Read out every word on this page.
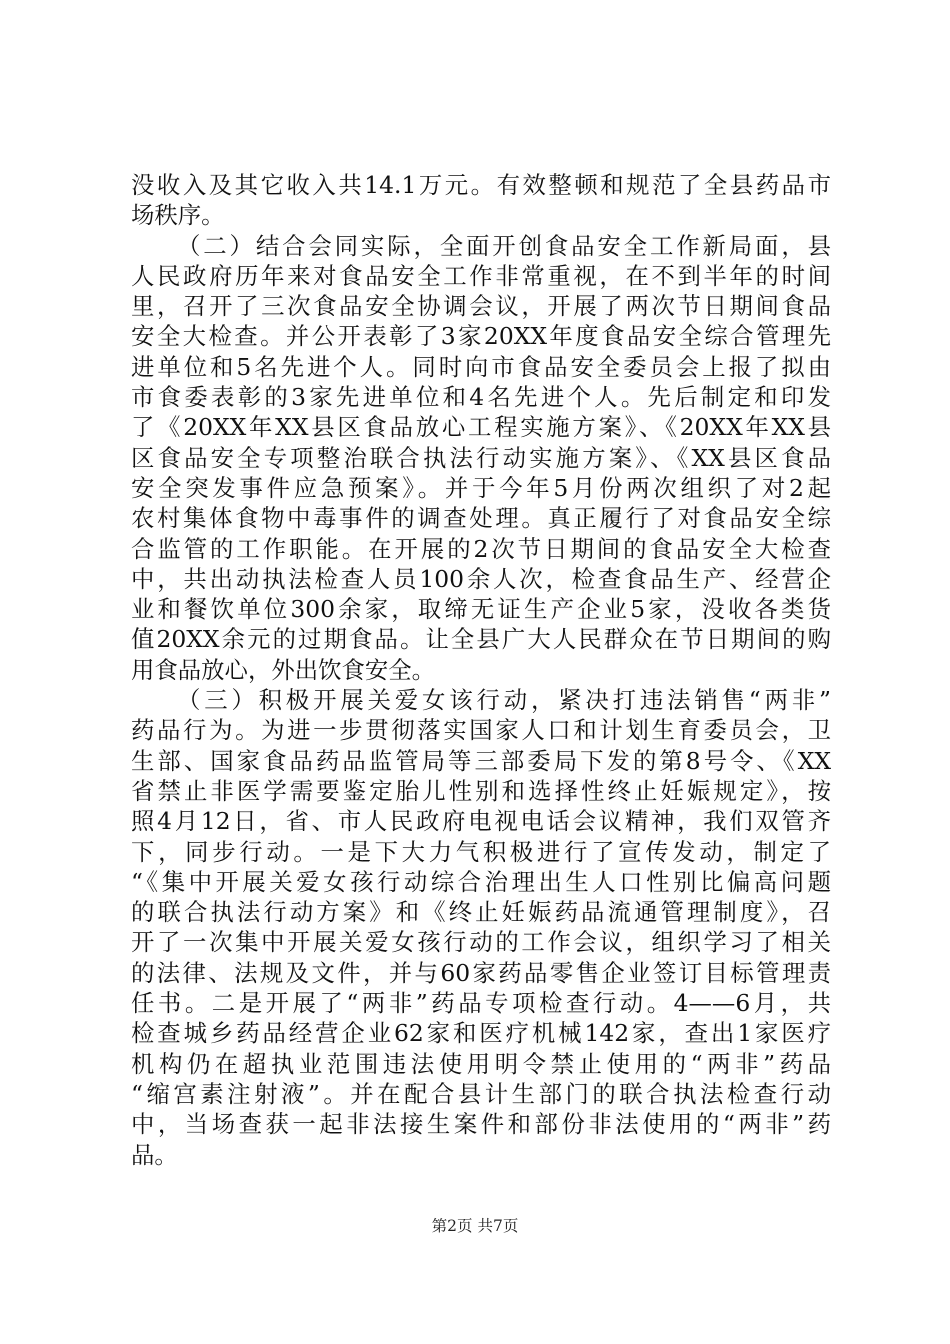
没收入及其它收入共14.1万元。有效整顿和规范了全县药品市
场秩序。
（二）结合会同实际，全面开创食品安全工作新局面，县
人民政府历年来对食品安全工作非常重视，在不到半年的时间
里，召开了三次食品安全协调会议，开展了两次节日期间食品
安全大检查。并公开表彰了3家20XX年度食品安全综合管理先
进单位和5名先进个人。同时向市食品安全委员会上报了拟由
市食委表彰的3家先进单位和4名先进个人。先后制定和印发
了《20XX年XX县区食品放心工程实施方案》、《20XX年XX县
区食品安全专项整治联合执法行动实施方案》、《XX县区食品
安全突发事件应急预案》。并于今年5月份两次组织了对2起
农村集体食物中毒事件的调查处理。真正履行了对食品安全综
合监管的工作职能。在开展的2次节日期间的食品安全大检查
中，共出动执法检查人员100余人次，检查食品生产、经营企
业和餐饮单位300余家，取缔无证生产企业5家，没收各类货
值20XX余元的过期食品。让全县广大人民群众在节日期间的购
用食品放心，外出饮食安全。
（三）积极开展关爱女该行动，紧决打违法销售“两非”
药品行为。为进一步贯彻落实国家人口和计划生育委员会，卫
生部、国家食品药品监管局等三部委局下发的第8号令、《XX
省禁止非医学需要鉴定胎儿性别和选择性终止妊娠规定》，按
照4月12日，省、市人民政府电视电话会议精神，我们双管齐
下，同步行动。一是下大力气积极进行了宣传发动，制定了
“《集中开展关爱女孩行动综合治理出生人口性别比偏高问题
的联合执法行动方案》和《终止妊娠药品流通管理制度》，召
开了一次集中开展关爱女孩行动的工作会议，组织学习了相关
的法律、法规及文件，并与60家药品零售企业签订目标管理责
任书。二是开展了“两非”药品专项检查行动。4——6月，共
检查城乡药品经营企业62家和医疗机械142家，查出1家医疗
机构仍在超执业范围违法使用明令禁止使用的“两非”药品
“缩宫素注射液”。并在配合县计生部门的联合执法检查行动
中，当场查获一起非法接生案件和部份非法使用的“两非”药
品。
第2页 共7页
